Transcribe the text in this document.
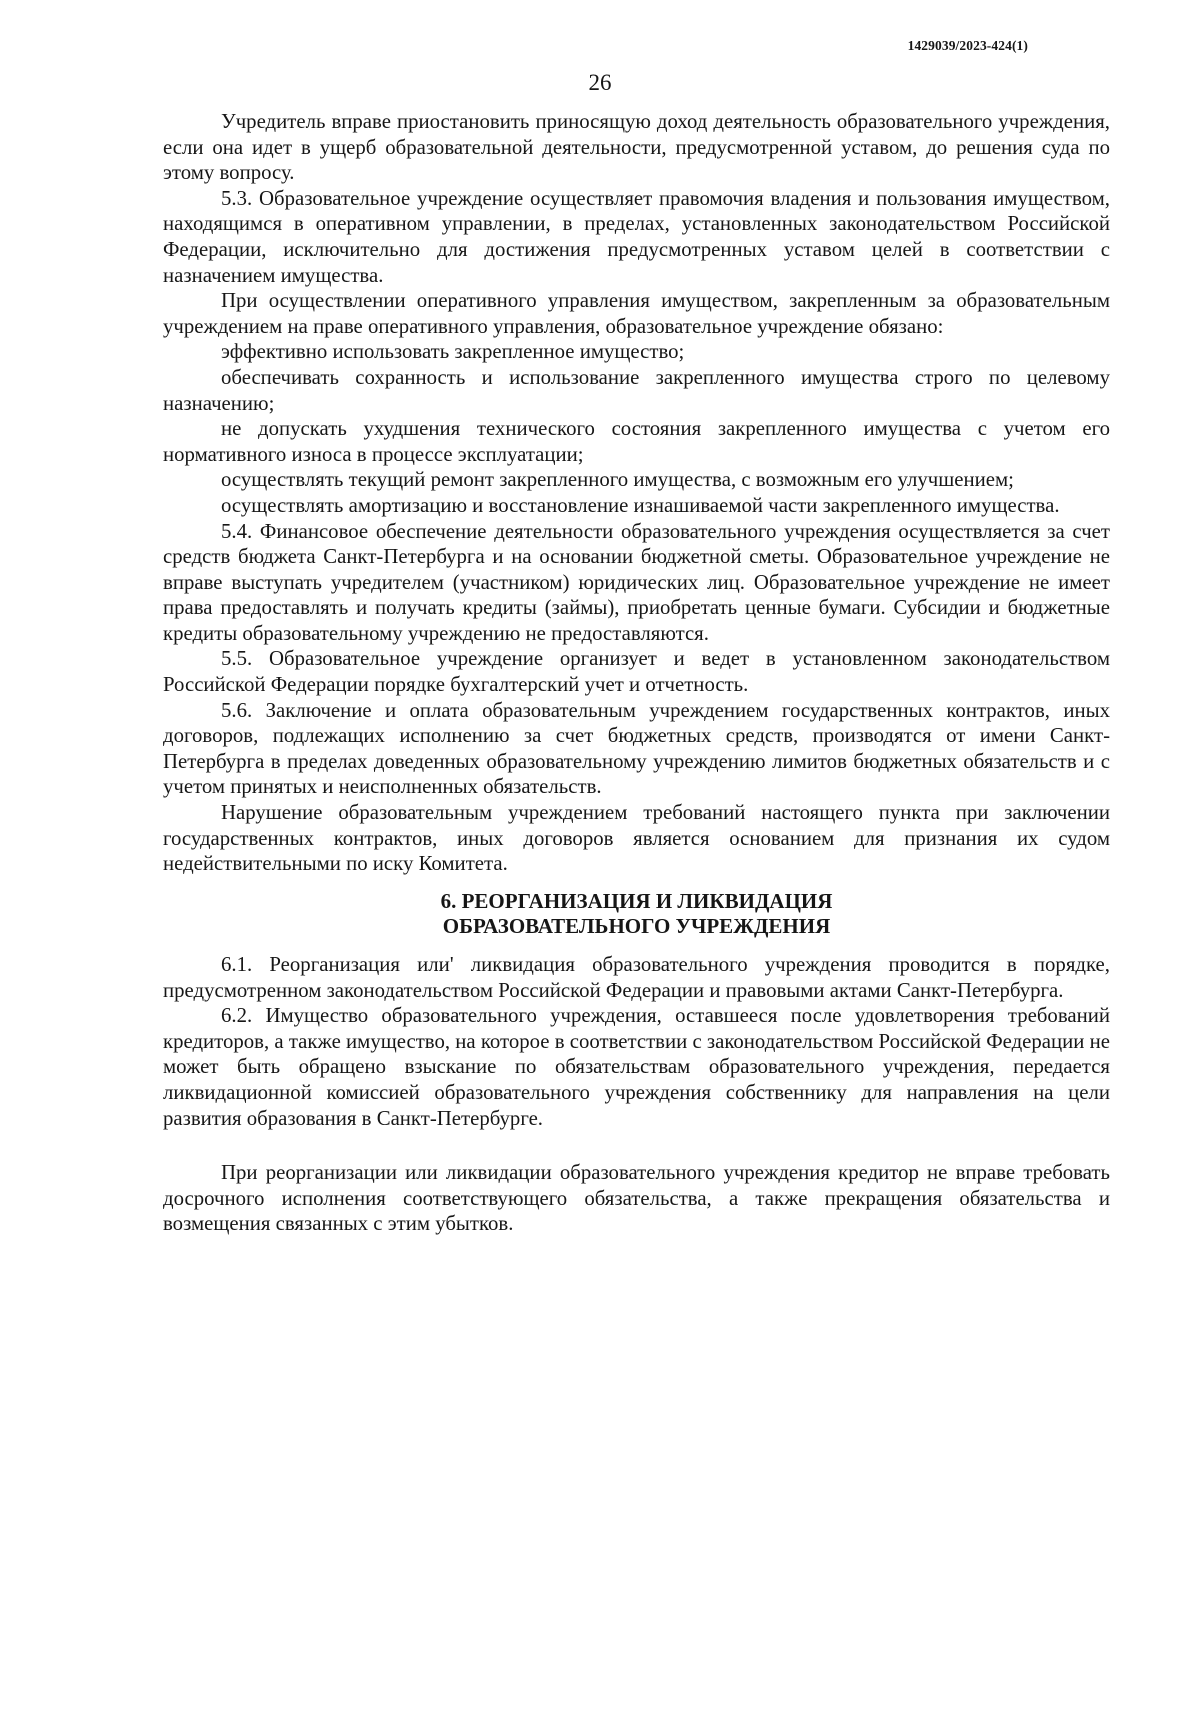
1429039/2023-424(1)
26

Учредитель вправе приостановить приносящую доход деятельность образовательного учреждения, если она идет в ущерб образовательной деятельности, предусмотренной уставом, до решения суда по этому вопросу.

5.3. Образовательное учреждение осуществляет правомочия владения и пользования имуществом, находящимся в оперативном управлении, в пределах, установленных законодательством Российской Федерации, исключительно для достижения предусмотренных уставом целей в соответствии с назначением имущества.

При осуществлении оперативного управления имуществом, закрепленным за образовательным учреждением на праве оперативного управления, образовательное учреждение обязано:

эффективно использовать закрепленное имущество;

обеспечивать сохранность и использование закрепленного имущества строго по целевому назначению;

не допускать ухудшения технического состояния закрепленного имущества с учетом его нормативного износа в процессе эксплуатации;

осуществлять текущий ремонт закрепленного имущества, с возможным его улучшением;

осуществлять амортизацию и восстановление изнашиваемой части закрепленного имущества.

5.4. Финансовое обеспечение деятельности образовательного учреждения осуществляется за счет средств бюджета Санкт-Петербурга и на основании бюджетной сметы. Образовательное учреждение не вправе выступать учредителем (участником) юридических лиц. Образовательное учреждение не имеет права предоставлять и получать кредиты (займы), приобретать ценные бумаги. Субсидии и бюджетные кредиты образовательному учреждению не предоставляются.

5.5. Образовательное учреждение организует и ведет в установленном законодательством Российской Федерации порядке бухгалтерский учет и отчетность.

5.6. Заключение и оплата образовательным учреждением государственных контрактов, иных договоров, подлежащих исполнению за счет бюджетных средств, производятся от имени Санкт-Петербурга в пределах доведенных образовательному учреждению лимитов бюджетных обязательств и с учетом принятых и неисполненных обязательств.

Нарушение образовательным учреждением требований настоящего пункта при заключении государственных контрактов, иных договоров является основанием для признания их судом недействительными по иску Комитета.

6. РЕОРГАНИЗАЦИЯ И ЛИКВИДАЦИЯ
ОБРАЗОВАТЕЛЬНОГО УЧРЕЖДЕНИЯ

6.1. Реорганизация или' ликвидация образовательного учреждения проводится в порядке, предусмотренном законодательством Российской Федерации и правовыми актами Санкт-Петербурга.

6.2. Имущество образовательного учреждения, оставшееся после удовлетворения требований кредиторов, а также имущество, на которое в соответствии с законодательством Российской Федерации не может быть обращено взыскание по обязательствам образовательного учреждения, передается ликвидационной комиссией образовательного учреждения собственнику для направления на цели развития образования в Санкт-Петербурге.

При реорганизации или ликвидации образовательного учреждения кредитор не вправе требовать досрочного исполнения соответствующего обязательства, а также прекращения обязательства и возмещения связанных с этим убытков.
